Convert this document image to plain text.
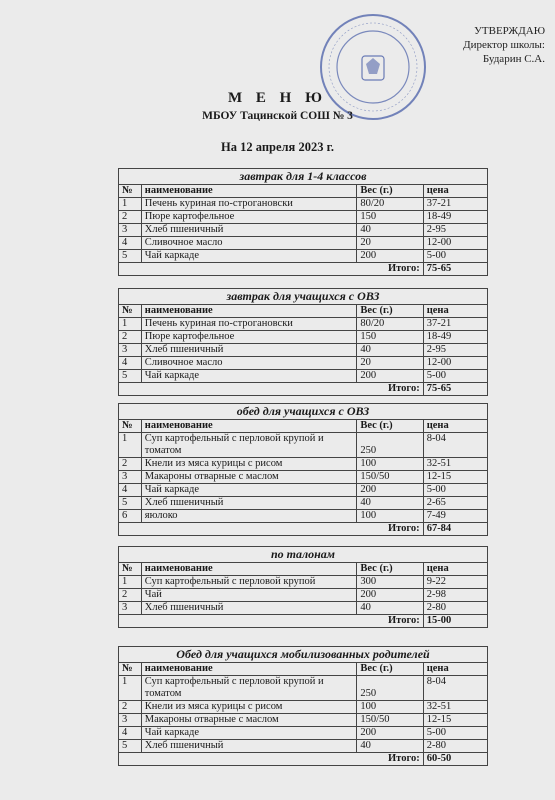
УТВЕРЖДАЮ
Директор школы:
Бударин С.А.
М Е Н Ю
МБОУ Тацинской СОШ № 3
На 12 апреля 2023 г.
завтрак для 1-4 классов			
№	наименование	Вес (г.)	цена
1	Печень куриная по-строгановски	80/20	37-21
2	Пюре картофельное	150	18-49
3	Хлеб пшеничный	40	2-95
4	Сливочное масло	20	12-00
5	Чай каркаде	200	5-00
Итого:			75-65
завтрак для учащихся с ОВЗ			
№	наименование	Вес (г.)	цена
1	Печень куриная по-строгановски	80/20	37-21
2	Пюре картофельное	150	18-49
3	Хлеб пшеничный	40	2-95
4	Сливочное масло	20	12-00
5	Чай каркаде	200	5-00
Итого:			75-65
обед для учащихся с ОВЗ			
№	наименование	Вес (г.)	цена
1	Суп картофельный с перловой крупой и томатом	250	8-04
2	Кнели из мяса курицы с рисом	100	32-51
3	Макароны отварные с маслом	150/50	12-15
4	Чай каркаде	200	5-00
5	Хлеб пшеничный	40	2-65
6	яюлоко	100	7-49
Итого:			67-84
по талонам			
№	наименование	Вес (г.)	цена
1	Суп картофельный с перловой крупой	300	9-22
2	Чай	200	2-98
3	Хлеб пшеничный	40	2-80
Итого:			15-00
Обед для учащихся мобилизованных родителей			
№	наименование	Вес (г.)	цена
1	Суп картофельный с перловой крупой и томатом	250	8-04
2	Кнели из мяса курицы с рисом	100	32-51
3	Макароны отварные с маслом	150/50	12-15
4	Чай каркаде	200	5-00
5	Хлеб пшеничный	40	2-80
Итого:			60-50
